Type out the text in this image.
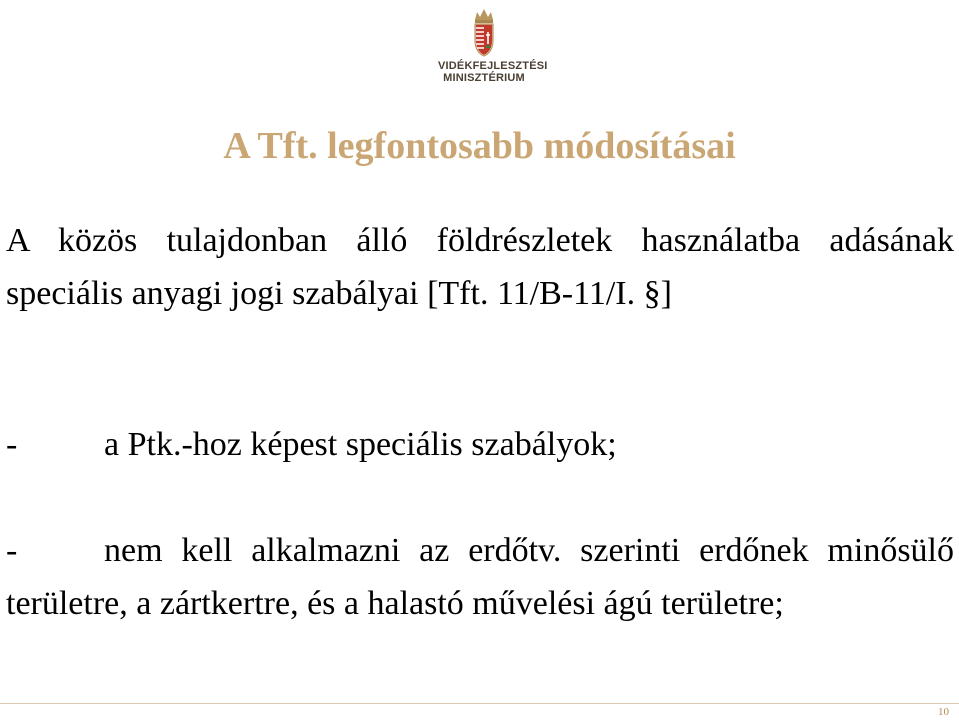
VIDÉKFEJLESZTÉSI
MINISZTÉRIUM
A Tft. legfontosabb módosításai

A közös tulajdonban álló földrészletek használatba adásának speciális anyagi jogi szabályai [Tft. 11/B-11/I. §]

-	a Ptk.-hoz képest speciális szabályok;

-	nem kell alkalmazni az erdőtv. szerinti erdőnek minősülő területre, a zártkertre, és a halastó művelési ágú területre;

10
